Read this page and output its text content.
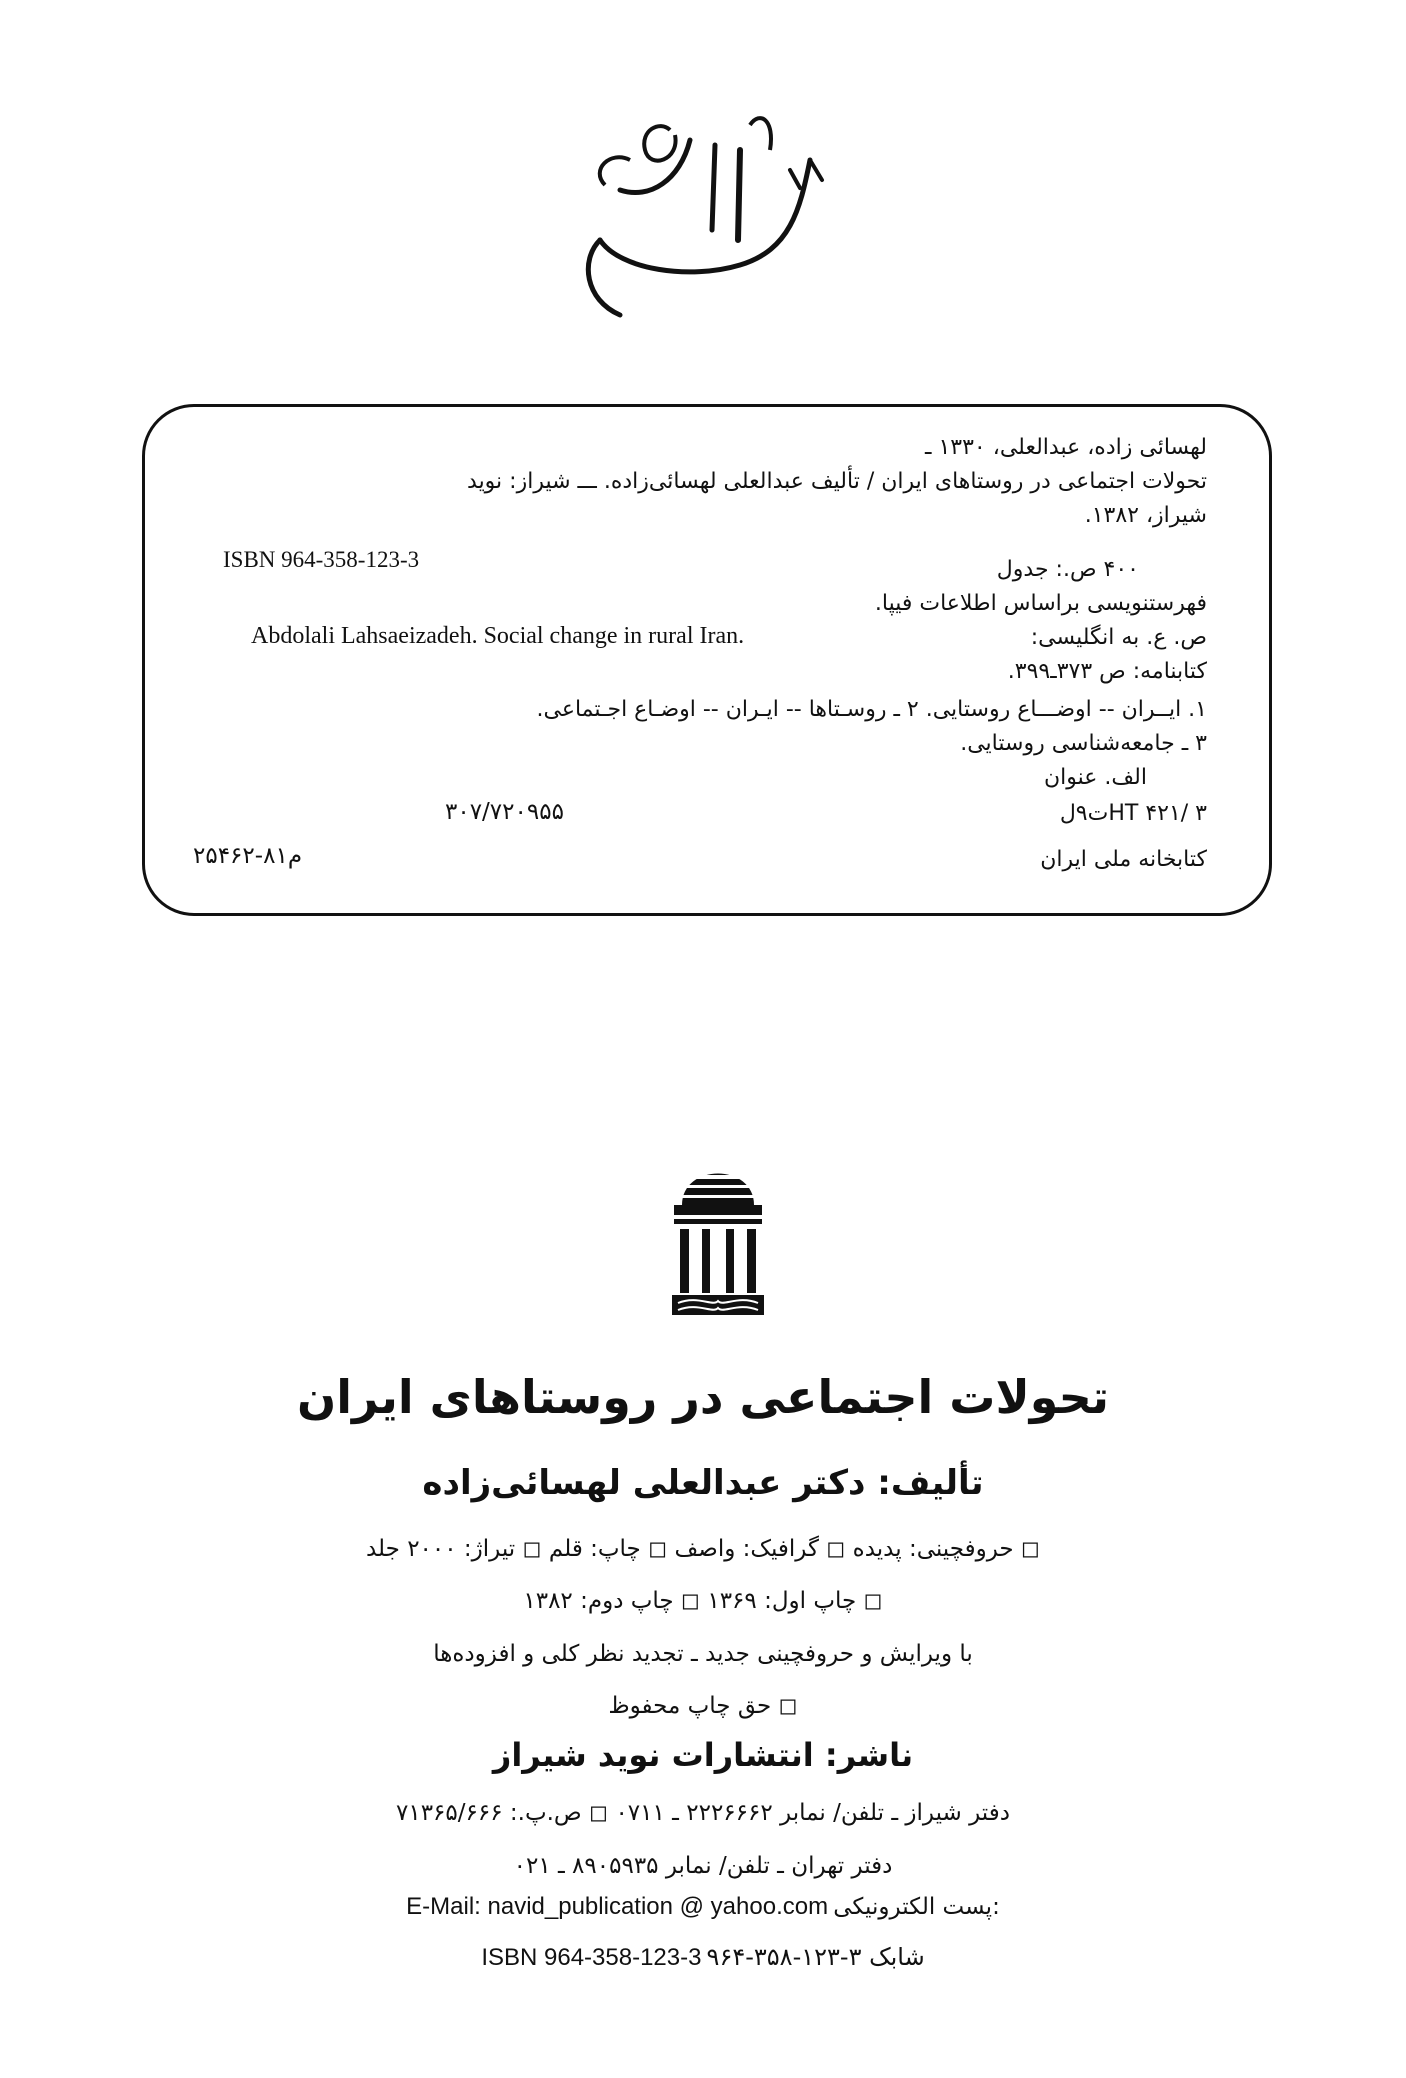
لهسائی زاده، عبدالعلی، ۱۳۳۰ ـ
تحولات اجتماعی در روستاهای ایران / تألیف عبدالعلی لهسائی‌زاده. ـــ شیراز: نوید
شیراز، ۱۳۸۲.
ISBN 964-358-123-3	۴۰۰ ص.: جدول
فهرستنویسی براساس اطلاعات فیپا.
ص. ع. به انگلیسی:
Abdolali Lahsaeizadeh. Social change in rural Iran.
کتابنامه: ص ۳۷۳ـ۳۹۹.
۱. ایــران -- اوضـــاع روستایی. ۲ ـ روسـتاها -- ایـران -- اوضـاع اجـتماعی.
۳ ـ جامعه‌شناسی روستایی.
الف. عنوان
۳۰۷/۷۲۰۹۵۵	HT ۴۲۱/ ۳ت۹ل
م۸۱-۲۵۴۶۲	کتابخانه ملی ایران
تحولات اجتماعی در روستاهای ایران
تألیف: دکتر عبدالعلی لهسائی‌زاده
◻ حروفچینی: پدیده ◻ گرافیک: واصف ◻ چاپ: قلم ◻ تیراژ: ۲۰۰۰ جلد
◻ چاپ اول: ۱۳۶۹ ◻ چاپ دوم: ۱۳۸۲
با ویرایش و حروفچینی جدید ـ تجدید نظر کلی و افزوده‌ها
◻ حق چاپ محفوظ
ناشر: انتشارات نوید شیراز
دفتر شیراز ـ تلفن/ نمابر ۲۲۲۶۶۶۲ ـ ۰۷۱۱ ◻ ص.پ.: ۷۱۳۶۵/۶۶۶
دفتر تهران ـ تلفن/ نمابر ۸۹۰۵۹۳۵ ـ ۰۲۱
E-Mail: navid_publication @ yahoo.com پست الکترونیکی:
ISBN 964-358-123-3 شابک ۳-۱۲۳-۳۵۸-۹۶۴
